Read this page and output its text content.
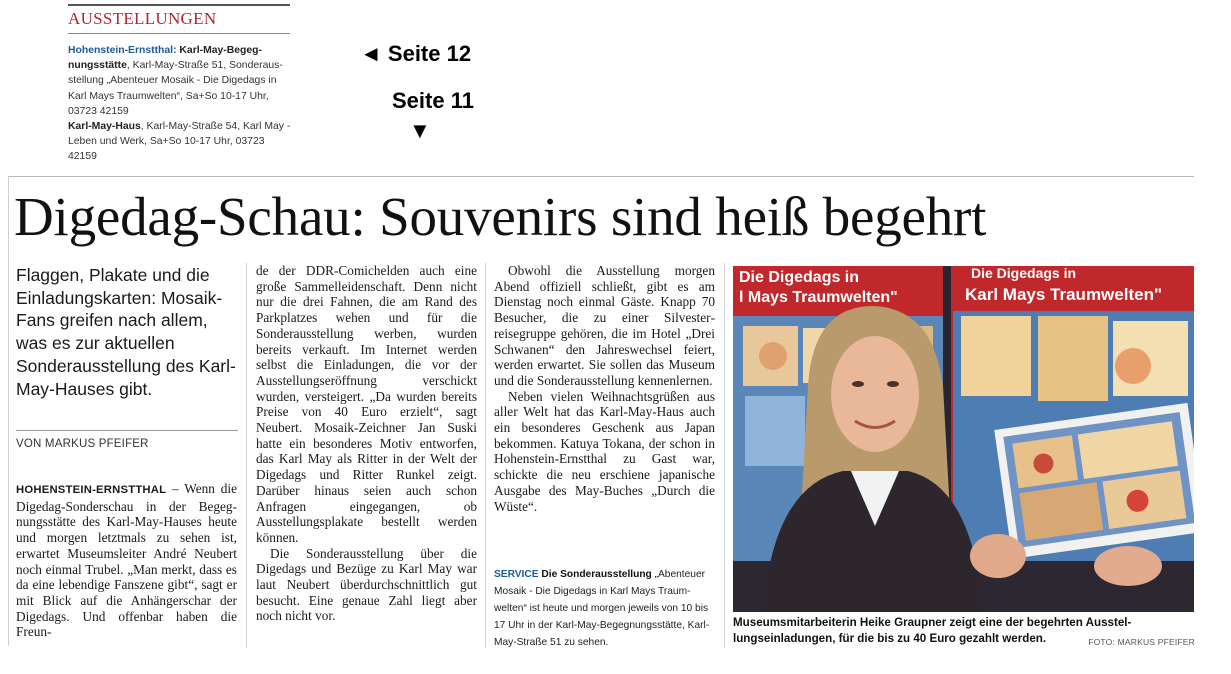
AUSSTELLUNGEN

Hohenstein-Ernstthal: Karl-May-Begegnungsstätte, Karl-May-Straße 51, Sonderausstellung „Abenteuer Mosaik - Die Digedags in Karl Mays Traumwelten“, Sa+So 10-17 Uhr, 03723 42159

Karl-May-Haus, Karl-May-Straße 54, Karl May - Leben und Werk, Sa+So 10-17 Uhr, 03723 42159

◄ Seite 12
Seite 11
▼
Digedag-Schau: Souvenirs sind heiß begehrt
Flaggen, Plakate und die Einladungskarten: Mosaik-Fans greifen nach allem, was es zur aktuellen Sonderausstellung des Karl-May-Hauses gibt.
VON MARKUS PFEIFER

HOHENSTEIN-ERNSTTHAL – Wenn die Digedag-Sonderschau in der Begegnungsstätte des Karl-May-Hauses heute und morgen letztmals zu sehen ist, erwartet Museumsleiter André Neubert noch einmal Trubel. „Man merkt, dass es da eine lebendige Fanszene gibt“, sagt er mit Blick auf die Anhängerschar der Digedags. Und offenbar haben die Freun-

de der DDR-Comichelden auch eine große Sammelleidenschaft. Denn nicht nur die drei Fahnen, die am Rand des Parkplatzes wehen und für die Sonderausstellung werben, wurden bereits verkauft. Im Internet werden selbst die Einladungen, die vor der Ausstellungseröffnung verschickt wurden, versteigert. „Da wurden bereits Preise von 40 Euro erzielt“, sagt Neubert. Mosaik-Zeichner Jan Suski hatte ein besonderes Motiv entworfen, das Karl May als Ritter in der Welt der Digedags und Ritter Runkel zeigt. Darüber hinaus seien auch schon Anfragen eingegangen, ob Ausstellungsplakate bestellt werden können.

Die Sonderausstellung über die Digedags und Bezüge zu Karl May war laut Neubert überdurchschnittlich gut besucht. Eine genaue Zahl liegt aber noch nicht vor.

Obwohl die Ausstellung morgen Abend offiziell schließt, gibt es am Dienstag noch einmal Gäste. Knapp 70 Besucher, die zu einer Silvesterreisegruppe gehören, die im Hotel „Drei Schwanen“ den Jahreswechsel feiert, werden erwartet. Sie sollen das Museum und die Sonderausstellung kennenlernen.

Neben vielen Weihnachtsgrüßen aus aller Welt hat das Karl-May-Haus auch ein besonderes Geschenk aus Japan bekommen. Katuya Tokana, der schon in Hohenstein-Ernstthal zu Gast war, schickte die neu erschiene japanische Ausgabe des May-Buches „Durch die Wüste“.

SERVICE Die Sonderausstellung „Abenteuer Mosaik - Die Digedags in Karl Mays Traumwelten“ ist heute und morgen jeweils von 10 bis 17 Uhr in der Karl-May-Begegnungsstätte, Karl-May-Straße 51 zu sehen.
Die Digedags in
l Mays Traumwelten"
Die Digedags in
Karl Mays Traumwelten"
Museumsmitarbeiterin Heike Graupner zeigt eine der begehrten Ausstellungseinladungen, für die bis zu 40 Euro gezahlt werden.	FOTO: MARKUS PFEIFER
